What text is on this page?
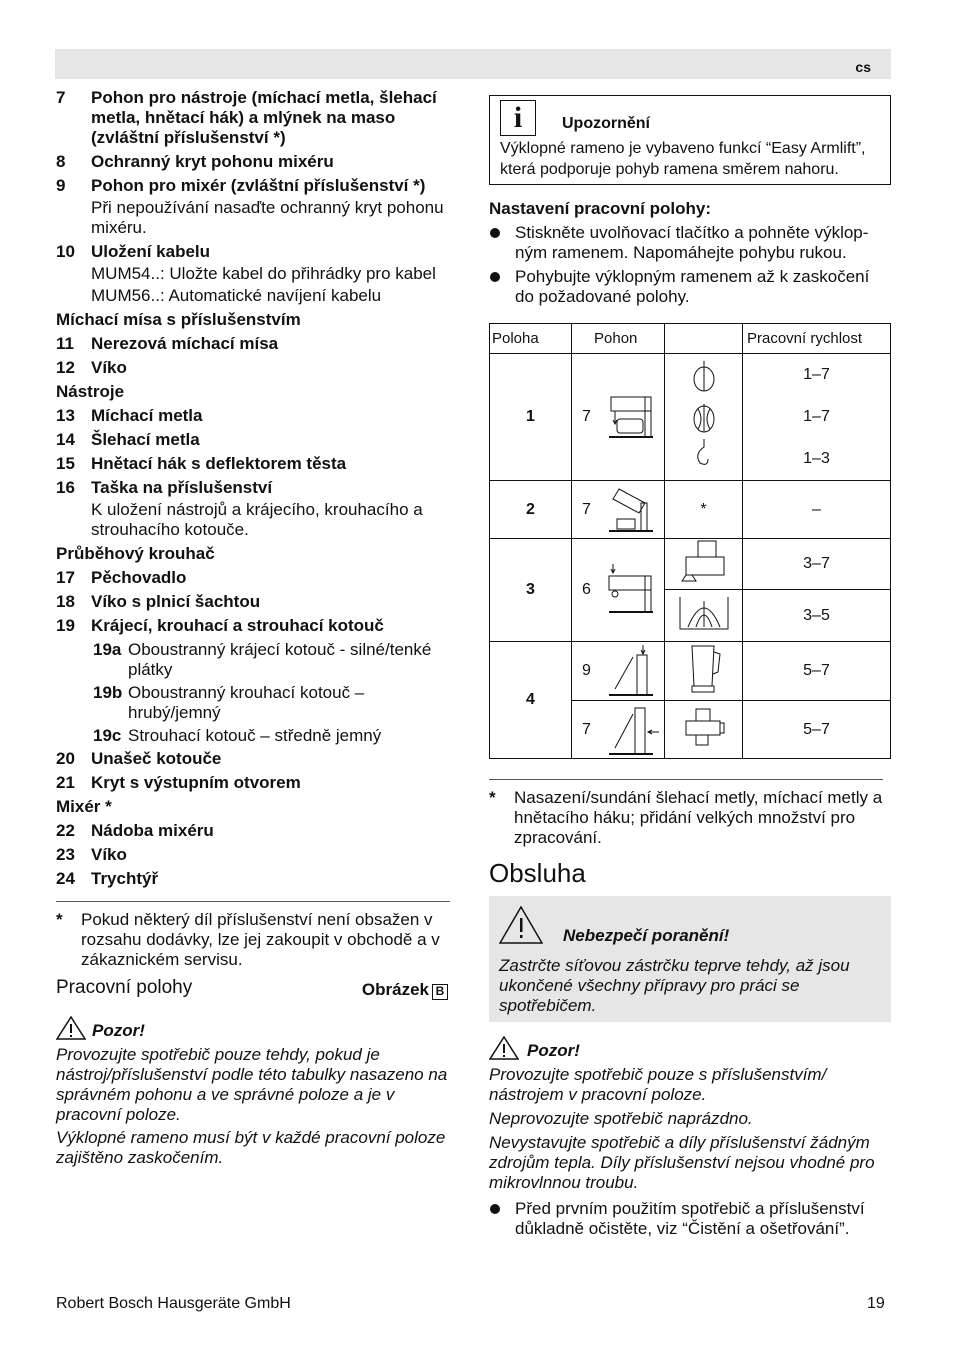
cs
7 Pohon pro nástroje (míchací metla, šlehací metla, hnětací hák) a mlýnek na maso (zvláštní příslušenství *)
8 Ochranný kryt pohonu mixéru
9 Pohon pro mixér (zvláštní příslušenství *)
Při nepoužívání nasaďte ochranný kryt pohonu mixéru.
10 Uložení kabelu
MUM54..: Uložte kabel do přihrádky pro kabel
MUM56..: Automatické navíjení kabelu
Míchací mísa s příslušenstvím
11 Nerezová míchací mísa
12 Víko
Nástroje
13 Míchací metla
14 Šlehací metla
15 Hnětací hák s deflektorem těsta
16 Taška na příslušenství
K uložení nástrojů a krájecího, krouhacího a strouhacího kotouče.
Průběhový krouhač
17 Pěchovadlo
18 Víko s plnicí šachtou
19 Krájecí, krouhací a strouhací kotouč
19a Oboustranný krájecí kotouč - silné/tenké plátky
19b Oboustranný krouhací kotouč – hrubý/jemný
19c Strouhací kotouč – středně jemný
20 Unašeč kotouče
21 Kryt s výstupním otvorem
Mixér *
22 Nádoba mixéru
23 Víko
24 Trychtýř
* Pokud některý díl příslušenství není obsažen v rozsahu dodávky, lze jej zakoupit v obchodě a v zákaznickém servisu.
Pracovní polohy	Obrázek B
Pozor!
Provozujte spotřebič pouze tehdy, pokud je nástroj/příslušenství podle této tabulky nasazeno na správném pohonu a ve správné poloze a je v pracovní poloze.
Výklopné rameno musí být v každé pracovní poloze zajištěno zaskočením.
i	Upozornění
Výklopné rameno je vybaveno funkcí “Easy Armlift”, která podporuje pohyb ramena směrem nahoru.
Nastavení pracovní polohy:
Stiskněte uvolňovací tlačítko a pohněte výklopným ramenem. Napomáhejte pohybu rukou.
Pohybujte výklopným ramenem až k zaskočení do požadované polohy.
Poloha	Pohon		Pracovní rychlost
1	7		1–7
1–7
1–3

2	7	*	–
3	6		3–7
	3–5
4	9		5–7

	7		5–7
* Nasazení/sundání šlehací metly, míchací metly a hnětacího háku; přidání velkých množství pro zpracování.
Obsluha
Nebezpečí poranění!
Zastrčte síťovou zástrčku teprve tehdy, až jsou ukončené všechny přípravy pro práci se spotřebičem.
Pozor!
Provozujte spotřebič pouze s příslušenstvím/ nástrojem v pracovní poloze.
Neprovozujte spotřebič naprázdno.
Nevystavujte spotřebič a díly příslušenství žádným zdrojům tepla. Díly příslušenství nejsou vhodné pro mikrovlnnou troubu.
Před prvním použitím spotřebič a příslušenství důkladně očistěte, viz “Čistění a ošetřování”.
Robert Bosch Hausgeräte GmbH	19
